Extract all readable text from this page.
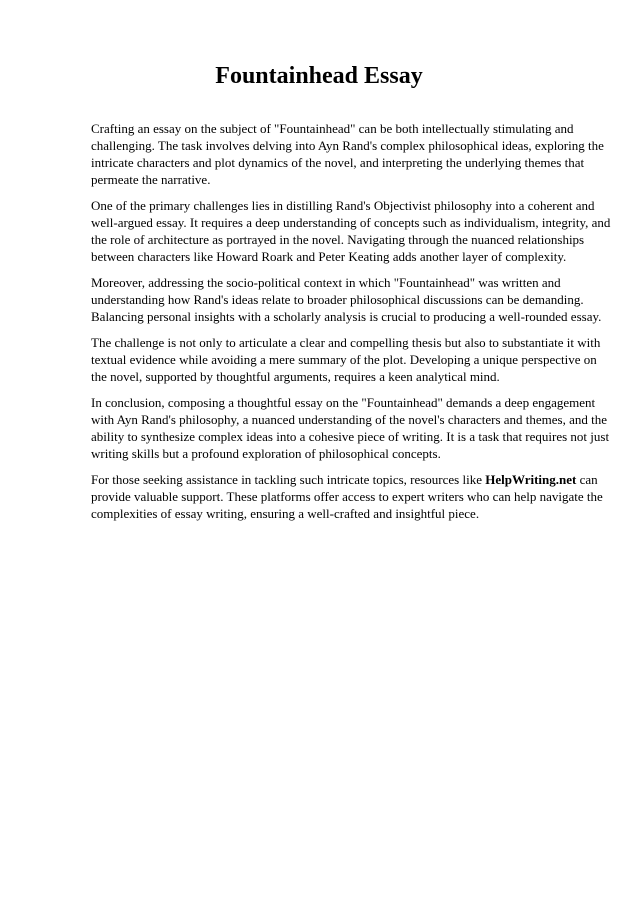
Fountainhead Essay

Crafting an essay on the subject of "Fountainhead" can be both intellectually stimulating and challenging. The task involves delving into Ayn Rand's complex philosophical ideas, exploring the intricate characters and plot dynamics of the novel, and interpreting the underlying themes that permeate the narrative.

One of the primary challenges lies in distilling Rand's Objectivist philosophy into a coherent and well-argued essay. It requires a deep understanding of concepts such as individualism, integrity, and the role of architecture as portrayed in the novel. Navigating through the nuanced relationships between characters like Howard Roark and Peter Keating adds another layer of complexity.

Moreover, addressing the socio-political context in which "Fountainhead" was written and understanding how Rand's ideas relate to broader philosophical discussions can be demanding. Balancing personal insights with a scholarly analysis is crucial to producing a well-rounded essay.

The challenge is not only to articulate a clear and compelling thesis but also to substantiate it with textual evidence while avoiding a mere summary of the plot. Developing a unique perspective on the novel, supported by thoughtful arguments, requires a keen analytical mind.

In conclusion, composing a thoughtful essay on the "Fountainhead" demands a deep engagement with Ayn Rand's philosophy, a nuanced understanding of the novel's characters and themes, and the ability to synthesize complex ideas into a cohesive piece of writing. It is a task that requires not just writing skills but a profound exploration of philosophical concepts.

For those seeking assistance in tackling such intricate topics, resources like HelpWriting.net can provide valuable support. These platforms offer access to expert writers who can help navigate the complexities of essay writing, ensuring a well-crafted and insightful piece.
